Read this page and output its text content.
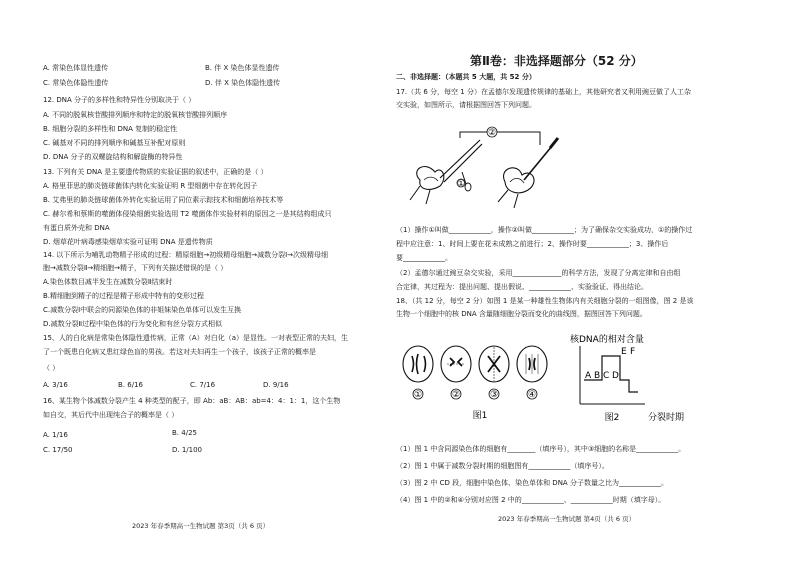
A. 常染色体显性遗传	B. 伴 X 染色体显性遗传
C. 常染色体隐性遗传	D. 伴 X 染色体隐性遗传
12. DNA 分子的多样性和特异性分别取决于（ ）
A. 不同的脱氧核苷酸排列顺序和特定的脱氧核苷酸排列顺序
B. 细胞分裂的多样性和 DNA 复制的稳定性
C. 碱基对不同的排列顺序和碱基互补配对原则
D. DNA 分子的双螺旋结构和解旋酶的特异性
13. 下列有关 DNA 是主要遗传物质的实验证据的叙述中，正确的是（ ）
A. 格里菲思的肺炎链球菌体内转化实验证明 R 型细菌中存在转化因子
B. 艾弗里的肺炎链球菌体外转化实验运用了同位素示踪技术和细菌培养技术等
C. 赫尔希和蔡斯的噬菌体侵染细菌实验选用 T2 噬菌体作实验材料的原因之一是其结构组成只
有蛋白质外壳和 DNA
D. 烟草花叶病毒感染烟草实验可证明 DNA 是遗传物质
14. 以下所示为哺乳动物精子形成的过程：精原细胞→初级精母细胞→减数分裂Ⅰ→次级精母细
胞→减数分裂Ⅱ→精细胞→精子，下列有关描述错误的是（ ）
A.染色体数目减半发生在减数分裂Ⅱ结束时
B.精细胞到精子的过程是精子形成中特有的变形过程
C.减数分裂Ⅰ中联会的同源染色体的非姐妹染色单体可以发生互换
D.减数分裂Ⅱ过程中染色体的行为变化和有丝分裂方式相似
15、人的白化病是常染色体隐性遗传病，正常（A）对白化（a）是显性。一对表型正常的夫妇，生
了一个既患白化病又患红绿色盲的男孩。若这对夫妇再生一个孩子，该孩子正常的概率是
（ ）
A. 3/16	B. 6/16	C. 7/16	D. 9/16
16、某生物个体减数分裂产生 4 种类型的配子，即 Ab：aB：AB：ab=4：4：1：1，这个生物
如自交，其后代中出现纯合子的概率是（ ）
A. 1/16	B. 4/25
C. 17/50	D. 1/100
2023 年春季期高一生物试题 第3页（共 6 页）
第Ⅱ卷：非选择题部分（52 分）
二、非选择题：（本题共 5 大题，共 52 分）
17.（共 6 分，每空 1 分）在孟德尔发现遗传规律的基础上，其他研究者又利用豌豆做了人工杂
交实验，如图所示，请根据图回答下列问题。
②
①
（1）操作①叫做____________，操作②叫做____________；为了确保杂交实验成功，①的操作过
程中应注意：1、时间上要在花未成熟之前进行；2、操作时要____________；3、操作后
要____________。
（2）孟德尔通过豌豆杂交实验，采用______________的科学方法，发现了分离定律和自由组
合定律，其过程为：提出问题、提出假说、____________、实验验证、得出结论。
18、（共 12 分，每空 2 分）如图 1 是某一种雄性生物体内有关细胞分裂的一组图像，图 2 是该
生物一个细胞中的核 DNA 含量随细胞分裂而变化的曲线图，据图回答下列问题。
①	②	③	④
图1
核DNA的相对含量
A B C D
E F
图2	分裂时期
（1）图 1 中含同源染色体的细胞有________（填序号），其中③细胞的名称是____________。
（2）图 1 中属于减数分裂时期的细胞图有____________（填序号）。
（3）图 2 中 CD 段，细胞中染色体、染色单体和 DNA 分子数量之比为____________。
（4）图 1 中的②和④分别对应图 2 中的____________、____________时期（填字母）。
2023 年春季期高一生物试题 第4页（共 6 页）
